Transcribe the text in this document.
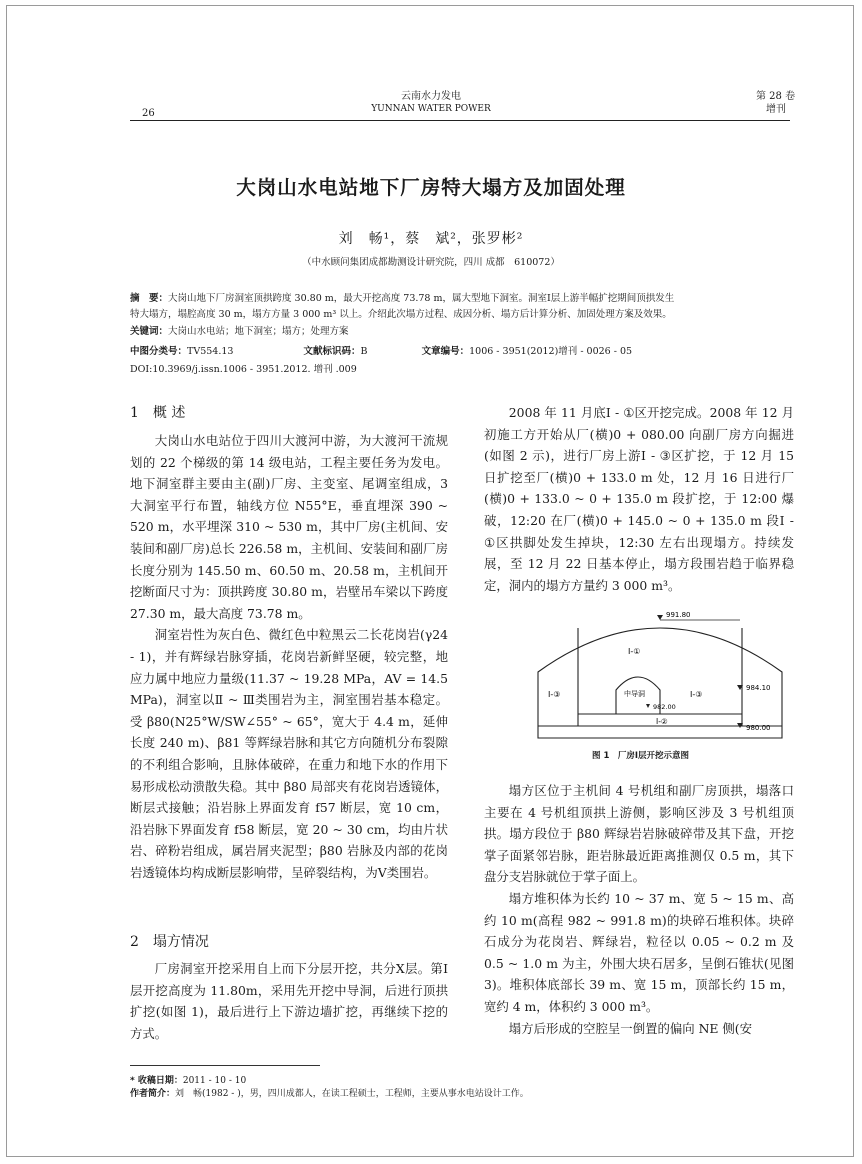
26
云南水力发电
YUNNAN WATER POWER
第 28 卷
增刊
大岗山水电站地下厂房特大塌方及加固处理
刘　畅¹，蔡　斌²，张罗彬²
（中水顾问集团成都勘测设计研究院，四川 成都　610072）
摘　要：大岗山地下厂房洞室顶拱跨度 30.80 m，最大开挖高度 73.78 m，属大型地下洞室。洞室Ⅰ层上游半幅扩挖期间顶拱发生
特大塌方，塌腔高度 30 m，塌方方量 3 000 m³ 以上。介绍此次塌方过程、成因分析、塌方后计算分析、加固处理方案及效果。
关键词：大岗山水电站；地下洞室；塌方；处理方案
中图分类号：TV554.13	文献标识码：B	文章编号：1006 - 3951(2012)增刊 - 0026 - 05
DOI:10.3969/j.issn.1006 - 3951.2012. 增刊 .009
1　概 述

大岗山水电站位于四川大渡河中游，为大渡河干流规划的 22 个梯级的第 14 级电站，工程主要任务为发电。地下洞室群主要由主(副)厂房、主变室、尾调室组成，3 大洞室平行布置，轴线方位 N55°E，垂直埋深 390 ~ 520 m，水平埋深 310 ~ 530 m，其中厂房(主机间、安装间和副厂房)总长 226.58 m，主机间、安装间和副厂房长度分别为 145.50 m、60.50 m、20.58 m，主机间开挖断面尺寸为：顶拱跨度 30.80 m，岩壁吊车梁以下跨度 27.30 m，最大高度 73.78 m。

洞室岩性为灰白色、微红色中粒黑云二长花岗岩(γ24 - 1)，并有辉绿岩脉穿插，花岗岩新鲜坚硬，较完整，地应力属中地应力量级(11.37 ~ 19.28 MPa，AV = 14.5 MPa)，洞室以Ⅱ ~ Ⅲ类围岩为主，洞室围岩基本稳定。受 β80(N25°W/SW∠55° ~ 65°，宽大于 4.4 m，延伸长度 240 m)、β81 等辉绿岩脉和其它方向随机分布裂隙的不利组合影响，且脉体破碎，在重力和地下水的作用下易形成松动溃散失稳。其中 β80 局部夹有花岗岩透镜体，断层式接触；沿岩脉上界面发育 f57 断层，宽 10 cm，沿岩脉下界面发育 f58 断层，宽 20 ~ 30 cm，均由片状岩、碎粉岩组成，属岩屑夹泥型；β80 岩脉及内部的花岗岩透镜体均构成断层影响带，呈碎裂结构，为Ⅴ类围岩。

2　塌方情况

厂房洞室开挖采用自上而下分层开挖，共分Ⅹ层。第Ⅰ层开挖高度为 11.80m，采用先开挖中导洞，后进行顶拱扩挖(如图 1)，最后进行上下游边墙扩挖，再继续下挖的方式。

2008 年 11 月底Ⅰ - ①区开挖完成。2008 年 12 月初施工方开始从厂(横)0 + 080.00 向副厂房方向掘进(如图 2 示)，进行厂房上游Ⅰ - ③区扩挖，于 12 月 15 日扩挖至厂(横)0 + 133.0 m 处，12 月 16 日进行厂(横)0 + 133.0 ~ 0 + 135.0 m 段扩挖，于 12:00 爆破，12:20 在厂(横)0 + 145.0 ~ 0 + 135.0 m 段Ⅰ - ①区拱脚处发生掉块，12:30 左右出现塌方。持续发展，至 12 月 22 日基本停止，塌方段围岩趋于临界稳定，洞内的塌方方量约 3 000 m³。

991.80
984.10
980.00
982.00
Ⅰ-①
Ⅰ-③	Ⅰ-③
Ⅰ-②
中导洞
图 1　厂房Ⅰ层开挖示意图

塌方区位于主机间 4 号机组和副厂房顶拱，塌落口主要在 4 号机组顶拱上游侧，影响区涉及 3 号机组顶拱。塌方段位于 β80 辉绿岩岩脉破碎带及其下盘，开挖掌子面紧邻岩脉，距岩脉最近距离推测仅 0.5 m，其下盘分支岩脉就位于掌子面上。

塌方堆积体为长约 10 ~ 37 m、宽 5 ~ 15 m、高约 10 m(高程 982 ~ 991.8 m)的块碎石堆积体。块碎石成分为花岗岩、辉绿岩，粒径以 0.05 ~ 0.2 m 及 0.5 ~ 1.0 m 为主，外围大块石居多，呈倒石锥状(见图 3)。堆积体底部长 39 m、宽 15 m，顶部长约 15 m，宽约 4 m，体积约 3 000 m³。

塌方后形成的空腔呈一倒置的偏向 NE 侧(安

* 收稿日期：2011 - 10 - 10
作者简介：刘　畅(1982 - )，男，四川成都人，在读工程硕士，工程师，主要从事水电站设计工作。
